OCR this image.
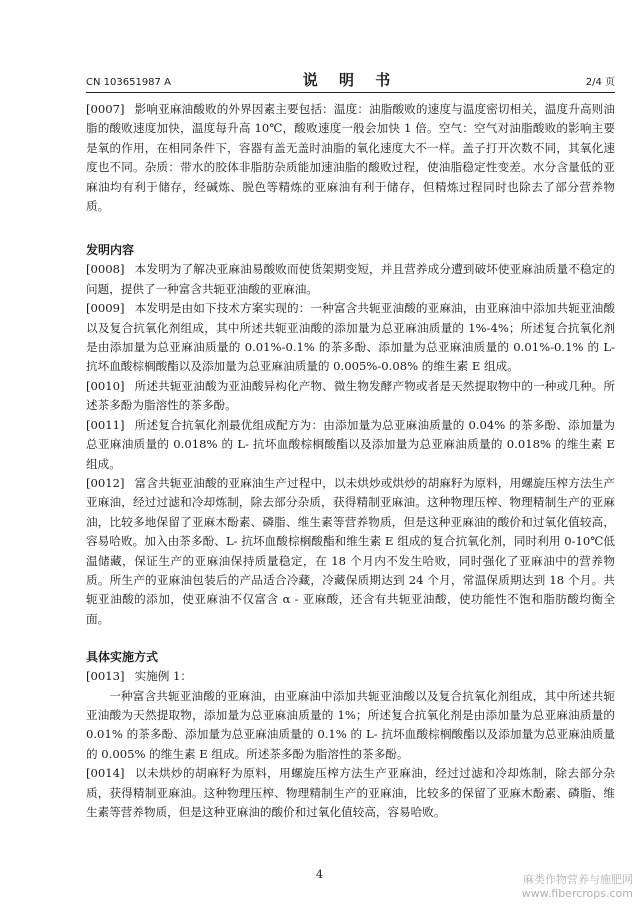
CN 103651987 A	说 明 书	2/4 页

[0007] 影响亚麻油酸败的外界因素主要包括：温度：油脂酸败的速度与温度密切相关，温度升高则油脂的酸败速度加快，温度每升高 10℃，酸败速度一般会加快 1 倍。空气：空气对油脂酸败的影响主要是氧的作用，在相同条件下，容器有盖无盖时油脂的氧化速度大不一样。盖子打开次数不同，其氧化速度也不同。杂质：带水的胶体非脂肪杂质能加速油脂的酸败过程，使油脂稳定性变差。水分含量低的亚麻油均有利于储存，经碱炼、脱色等精炼的亚麻油有利于储存，但精炼过程同时也除去了部分营养物质。

发明内容

[0008] 本发明为了解决亚麻油易酸败而使货架期变短，并且营养成分遭到破坏使亚麻油质量不稳定的问题，提供了一种富含共轭亚油酸的亚麻油。

[0009] 本发明是由如下技术方案实现的：一种富含共轭亚油酸的亚麻油，由亚麻油中添加共轭亚油酸以及复合抗氧化剂组成，其中所述共轭亚油酸的添加量为总亚麻油质量的 1%-4%；所述复合抗氧化剂是由添加量为总亚麻油质量的 0.01%-0.1% 的茶多酚、添加量为总亚麻油质量的 0.01%-0.1% 的 L- 抗坏血酸棕榈酸酯以及添加量为总亚麻油质量的 0.005%-0.08% 的维生素 E 组成。

[0010] 所述共轭亚油酸为亚油酸异构化产物、微生物发酵产物或者是天然提取物中的一种或几种。所述茶多酚为脂溶性的茶多酚。

[0011] 所述复合抗氧化剂最优组成配方为：由添加量为总亚麻油质量的 0.04% 的茶多酚、添加量为总亚麻油质量的 0.018% 的 L- 抗坏血酸棕榈酸酯以及添加量为总亚麻油质量的 0.018% 的维生素 E 组成。

[0012] 富含共轭亚油酸的亚麻油生产过程中，以未烘炒或烘炒的胡麻籽为原料，用螺旋压榨方法生产亚麻油，经过过滤和冷却炼制，除去部分杂质，获得精制亚麻油。这种物理压榨、物理精制生产的亚麻油，比较多地保留了亚麻木酚素、磷脂、维生素等营养物质，但是这种亚麻油的酸价和过氧化值较高，容易哈败。加入由茶多酚、L- 抗坏血酸棕榈酸酯和维生素 E 组成的复合抗氧化剂，同时利用 0-10℃低温储藏，保证生产的亚麻油保持质量稳定，在 18 个月内不发生哈败，同时强化了亚麻油中的营养物质。所生产的亚麻油包装后的产品适合冷藏，冷藏保质期达到 24 个月，常温保质期达到 18 个月。共轭亚油酸的添加，使亚麻油不仅富含 α - 亚麻酸，还含有共轭亚油酸，使功能性不饱和脂肪酸均衡全面。

具体实施方式

[0013] 实施例 1：

一种富含共轭亚油酸的亚麻油，由亚麻油中添加共轭亚油酸以及复合抗氧化剂组成，其中所述共轭亚油酸为天然提取物，添加量为总亚麻油质量的 1%；所述复合抗氧化剂是由添加量为总亚麻油质量的 0.01% 的茶多酚、添加量为总亚麻油质量的 0.1% 的 L- 抗坏血酸棕榈酸酯以及添加量为总亚麻油质量的 0.005% 的维生素 E 组成。所述茶多酚为脂溶性的茶多酚。

[0014] 以未烘炒的胡麻籽为原料，用螺旋压榨方法生产亚麻油，经过过滤和冷却炼制，除去部分杂质，获得精制亚麻油。这种物理压榨、物理精制生产的亚麻油，比较多的保留了亚麻木酚素、磷脂、维生素等营养物质，但是这种亚麻油的酸价和过氧化值较高，容易哈败。

4	麻类作物营养与施肥网
www.fibercrops.com
